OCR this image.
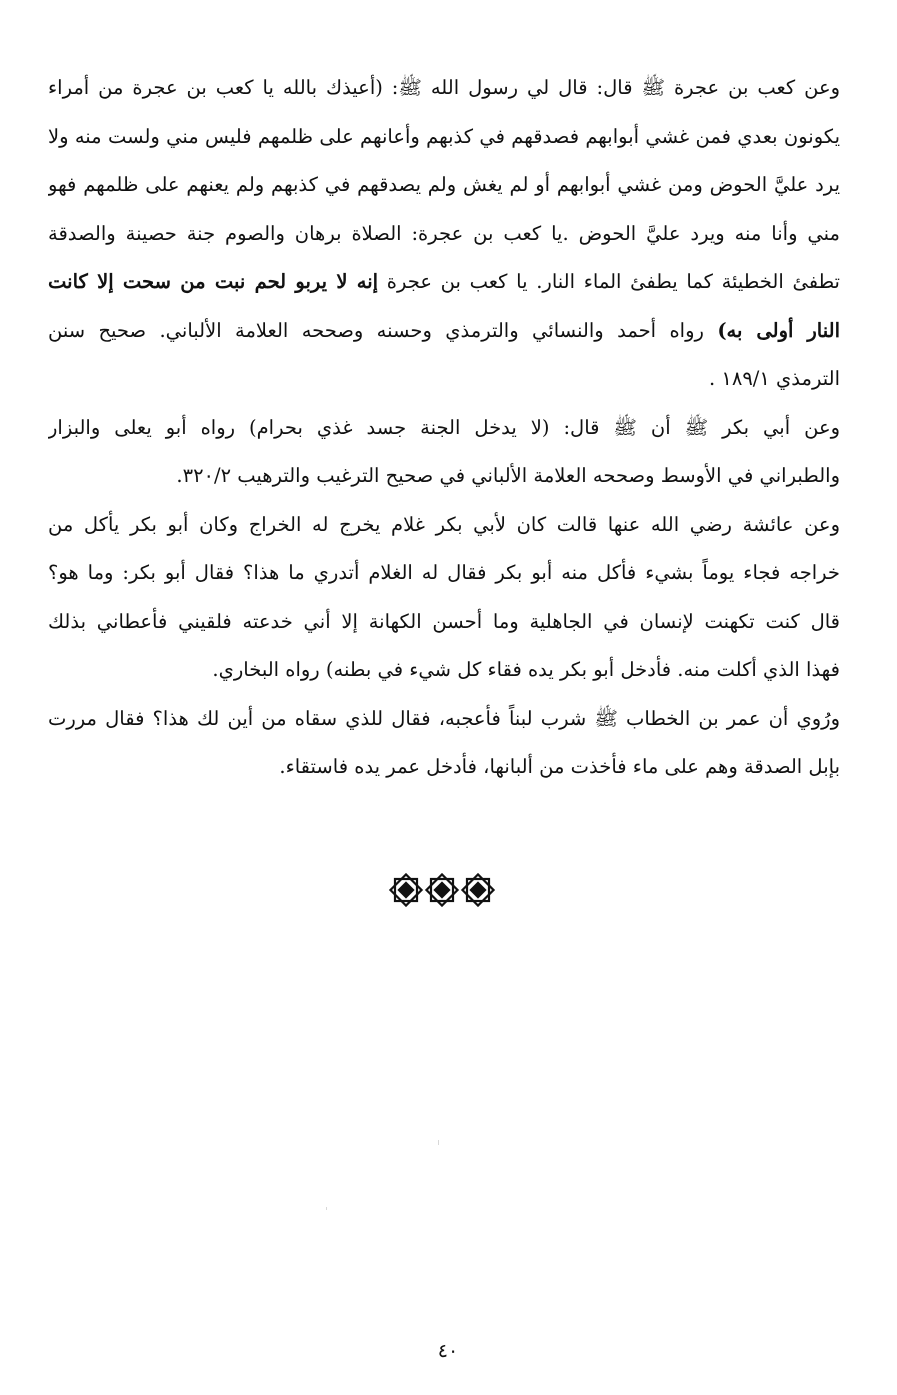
وعن كعب بن عجرة ﷺ قال: قال لي رسول الله ﷺ: (أعيذك بالله يا كعب بن عجرة من أمراء
يكونون بعدي فمن غشي أبوابهم فصدقهم في كذبهم وأعانهم على ظلمهم فليس مني ولست منه ولا
يرد عليَّ الحوض ومن غشي أبوابهم أو لم يغش ولم يصدقهم في كذبهم ولم يعنهم على ظلمهم فهو
مني وأنا منه ويرد عليَّ الحوض .يا كعب بن عجرة: الصلاة برهان والصوم جنة حصينة والصدقة
تطفئ الخطيئة كما يطفئ الماء النار. يا كعب بن عجرة إنه لا يربو لحم نبت من سحت إلا كانت
النار أولى به) رواه أحمد والنسائي والترمذي وحسنه وصححه العلامة الألباني. صحيح سنن
الترمذي ١٨٩/١ .
وعن أبي بكر ﷺ أن ﷺ قال: (لا يدخل الجنة جسد غذي بحرام) رواه أبو يعلى والبزار
والطبراني في الأوسط وصححه العلامة الألباني في صحيح الترغيب والترهيب ٣٢٠/٢.
وعن عائشة رضي الله عنها قالت كان لأبي بكر غلام يخرج له الخراج وكان أبو بكر يأكل من
خراجه فجاء يوماً بشيء فأكل منه أبو بكر فقال له الغلام أتدري ما هذا؟ فقال أبو بكر: وما هو؟
قال كنت تكهنت لإنسان في الجاهلية وما أحسن الكهانة إلا أني خدعته فلقيني فأعطاني بذلك
فهذا الذي أكلت منه. فأدخل أبو بكر يده فقاء كل شيء في بطنه) رواه البخاري.
ورُوي أن عمر بن الخطاب ﷺ شرب لبناً فأعجبه، فقال للذي سقاه من أين لك هذا؟ فقال مررت
بإبل الصدقة وهم على ماء فأخذت من ألبانها، فأدخل عمر يده فاستقاء.
٤٠
